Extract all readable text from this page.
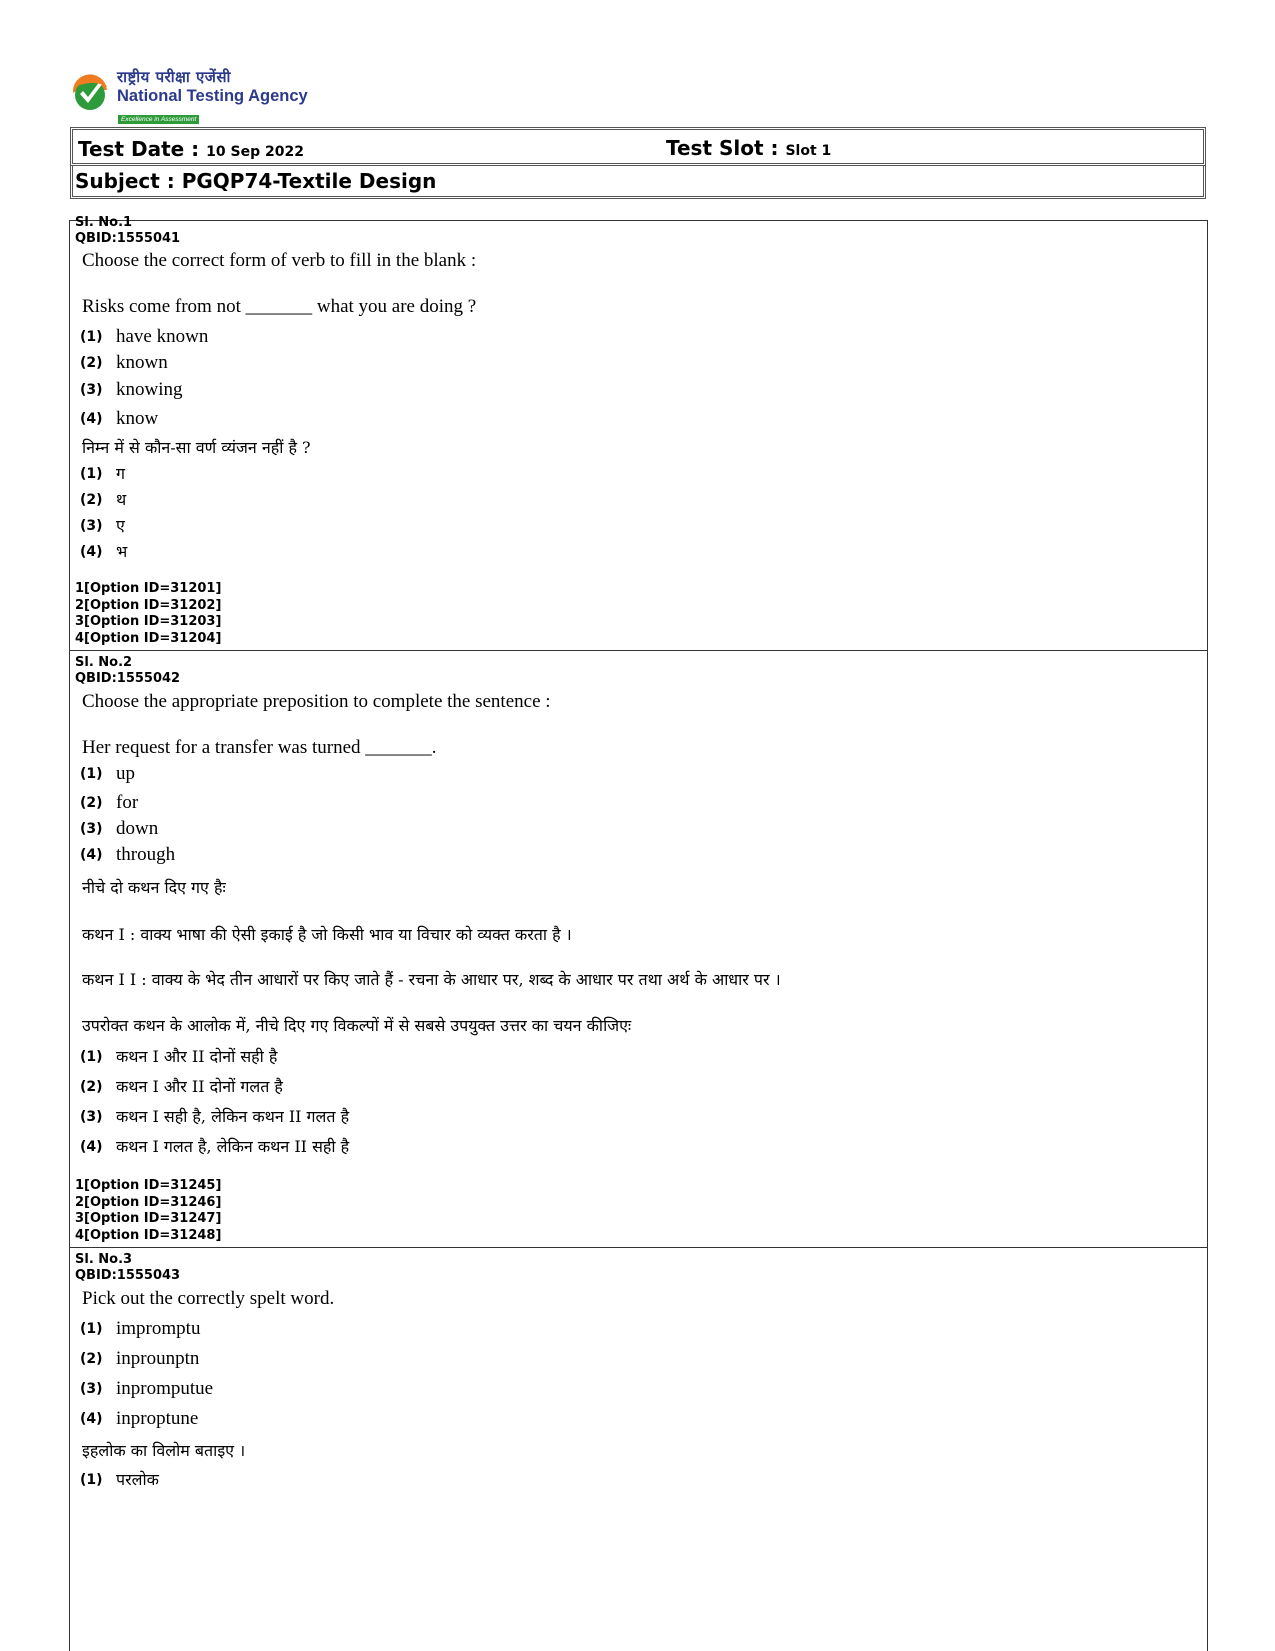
राष्ट्रीय परीक्षा एजेंसी
National Testing Agency
Excellence in Assessment
Test Date : 10 Sep 2022	Test Slot : Slot 1
Subject : PGQP74-Textile Design
Sl. No.1
QBID:1555041
Choose the correct form of verb to fill in the blank :
Risks come from not _______ what you are doing ?
(1) have known
(2) known
(3) knowing
(4) know
निम्न में से कौन-सा वर्ण व्यंजन नहीं है ?
(1) ग
(2) थ
(3) ए
(4) भ
1[Option ID=31201]
2[Option ID=31202]
3[Option ID=31203]
4[Option ID=31204]
Sl. No.2
QBID:1555042
Choose the appropriate preposition to complete the sentence :
Her request for a transfer was turned _______.
(1) up
(2) for
(3) down
(4) through
नीचे दो कथन दिए गए हैः
कथन I : वाक्य भाषा की ऐसी इकाई है जो किसी भाव या विचार को व्यक्त करता है ।
कथन I I : वाक्य के भेद तीन आधारों पर किए जाते हैं - रचना के आधार पर, शब्द के आधार पर तथा अर्थ के आधार पर ।
उपरोक्त कथन के आलोक में, नीचे दिए गए विकल्पों में से सबसे उपयुक्त उत्तर का चयन कीजिएः
(1) कथन I और II दोनों सही है
(2) कथन I और II दोनों गलत है
(3) कथन I सही है, लेकिन कथन II गलत है
(4) कथन I गलत है, लेकिन कथन II सही है
1[Option ID=31245]
2[Option ID=31246]
3[Option ID=31247]
4[Option ID=31248]
Sl. No.3
QBID:1555043
Pick out the correctly spelt word.
(1) impromptu
(2) inprounptn
(3) inpromputue
(4) inproptune
इहलोक का विलोम बताइए ।
(1) परलोक
